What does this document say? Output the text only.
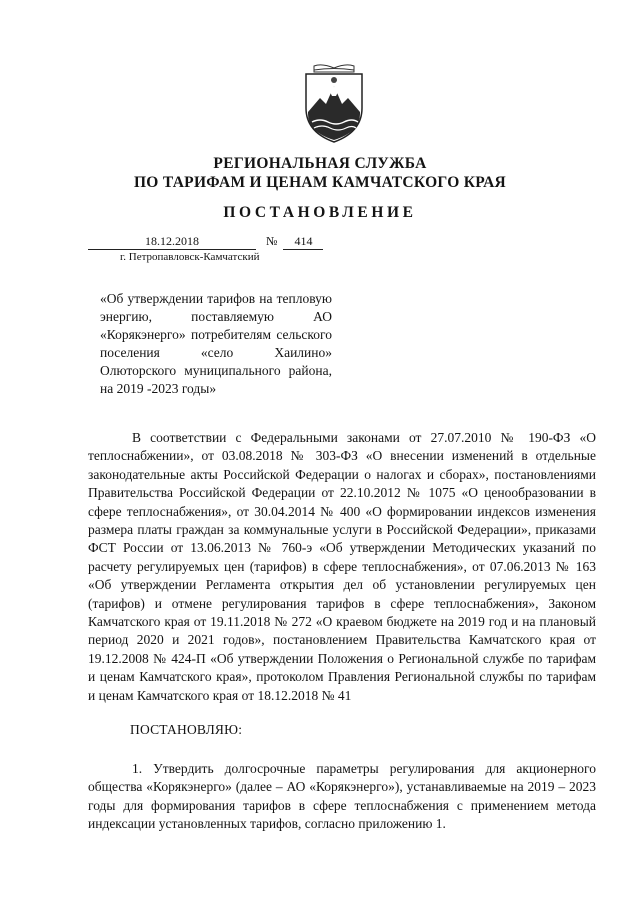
РЕГИОНАЛЬНАЯ СЛУЖБА
ПО ТАРИФАМ И ЦЕНАМ КАМЧАТСКОГО КРАЯ
ПОСТАНОВЛЕНИЕ
18.12.2018	№ 414
г. Петропавловск-Камчатский
«Об утверждении тарифов на тепловую энергию, поставляемую АО «Корякэнерго» потребителям сельского поселения «село Хаилино» Олюторского муниципального района, на 2019 -2023 годы»
В соответствии с Федеральными законами от 27.07.2010 № 190-ФЗ «О теплоснабжении», от 03.08.2018 № 303-ФЗ «О внесении изменений в отдельные законодательные акты Российской Федерации о налогах и сборах», постановлениями Правительства Российской Федерации от 22.10.2012 № 1075 «О ценообразовании в сфере теплоснабжения», от 30.04.2014 № 400 «О формировании индексов изменения размера платы граждан за коммунальные услуги в Российской Федерации», приказами ФСТ России от 13.06.2013 № 760-э «Об утверждении Методических указаний по расчету регулируемых цен (тарифов) в сфере теплоснабжения», от 07.06.2013 № 163 «Об утверждении Регламента открытия дел об установлении регулируемых цен (тарифов) и отмене регулирования тарифов в сфере теплоснабжения», Законом Камчатского края от 19.11.2018 № 272 «О краевом бюджете на 2019 год и на плановый период 2020 и 2021 годов», постановлением Правительства Камчатского края от 19.12.2008 № 424-П «Об утверждении Положения о Региональной службе по тарифам и ценам Камчатского края», протоколом Правления Региональной службы по тарифам и ценам Камчатского края от 18.12.2018 № 41
ПОСТАНОВЛЯЮ:
1. Утвердить долгосрочные параметры регулирования для акционерного общества «Корякэнерго» (далее – АО «Корякэнерго»), устанавливаемые на 2019 – 2023 годы для формирования тарифов в сфере теплоснабжения с применением метода индексации установленных тарифов, согласно приложению 1.
